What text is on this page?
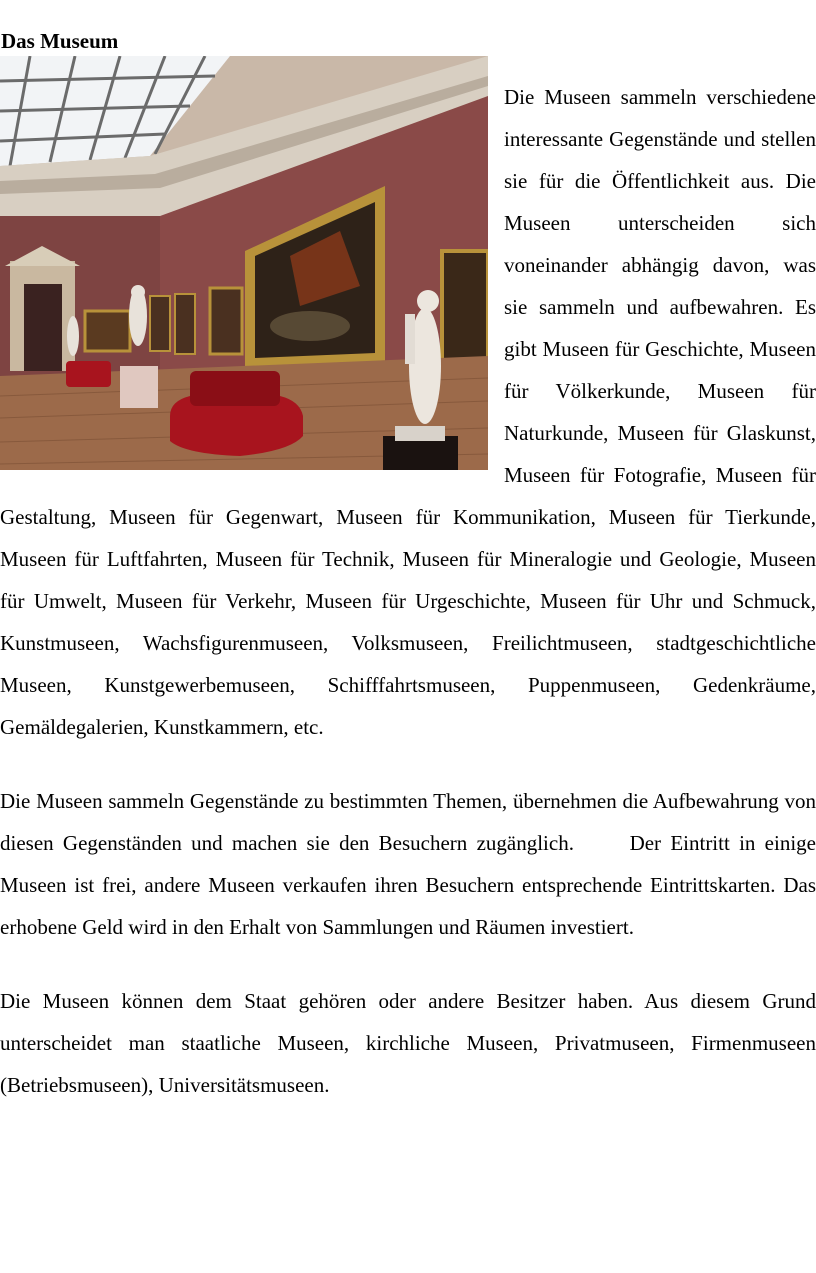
Das Museum

Die Museen sammeln verschiedene interessante Gegenstände und stellen sie für die Öffentlichkeit aus. Die Museen unterscheiden sich voneinander abhängig davon, was sie sammeln und aufbewahren. Es gibt Museen für Geschichte, Museen für Völkerkunde, Museen für Naturkunde, Museen für Glaskunst, Museen für Fotografie, Museen für Gestaltung, Museen für Gegenwart, Museen für Kommunikation, Museen für Tierkunde, Museen für Luftfahrten, Museen für Technik, Museen für Mineralogie und Geologie, Museen für Umwelt, Museen für Verkehr, Museen für Urgeschichte, Museen für Uhr und Schmuck, Kunstmuseen, Wachsfigurenmuseen, Volksmuseen, Freilichtmuseen, stadtgeschichtliche Museen, Kunstgewerbemuseen, Schifffahrtsmuseen, Puppenmuseen, Gedenkräume, Gemäldegalerien, Kunstkammern, etc.

Die Museen sammeln Gegenstände zu bestimmten Themen, übernehmen die Aufbewahrung von diesen Gegenständen und machen sie den Besuchern zugänglich.      Der Eintritt in einige Museen ist frei, andere Museen verkaufen ihren Besuchern entsprechende Eintrittskarten. Das erhobene Geld wird in den Erhalt von Sammlungen und Räumen investiert.

Die Museen können dem Staat gehören oder andere Besitzer haben. Aus diesem Grund unterscheidet man staatliche Museen, kirchliche Museen, Privatmuseen, Firmenmuseen (Betriebsmuseen), Universitätsmuseen.
